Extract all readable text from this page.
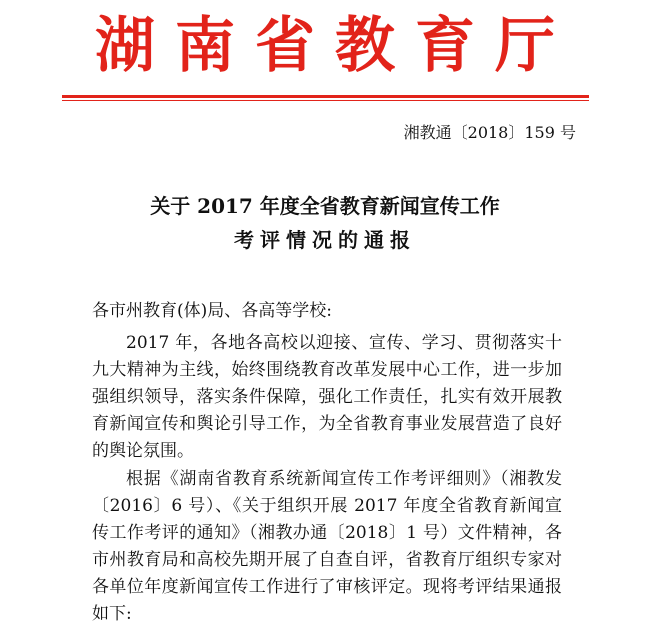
湖南省教育厅
湘教通〔2018〕159 号
关于 2017 年度全省教育新闻宣传工作
考评情况的通报
各市州教育(体)局、各高等学校:

2017 年，各地各高校以迎接、宣传、学习、贯彻落实十九大精神为主线，始终围绕教育改革发展中心工作，进一步加强组织领导，落实条件保障，强化工作责任，扎实有效开展教育新闻宣传和舆论引导工作，为全省教育事业发展营造了良好的舆论氛围。

根据《湖南省教育系统新闻宣传工作考评细则》（湘教发〔2016〕6 号）、《关于组织开展 2017 年度全省教育新闻宣传工作考评的通知》（湘教办通〔2018〕1 号）文件精神，各市州教育局和高校先期开展了自查自评，省教育厅组织专家对各单位年度新闻宣传工作进行了审核评定。现将考评结果通报如下:
